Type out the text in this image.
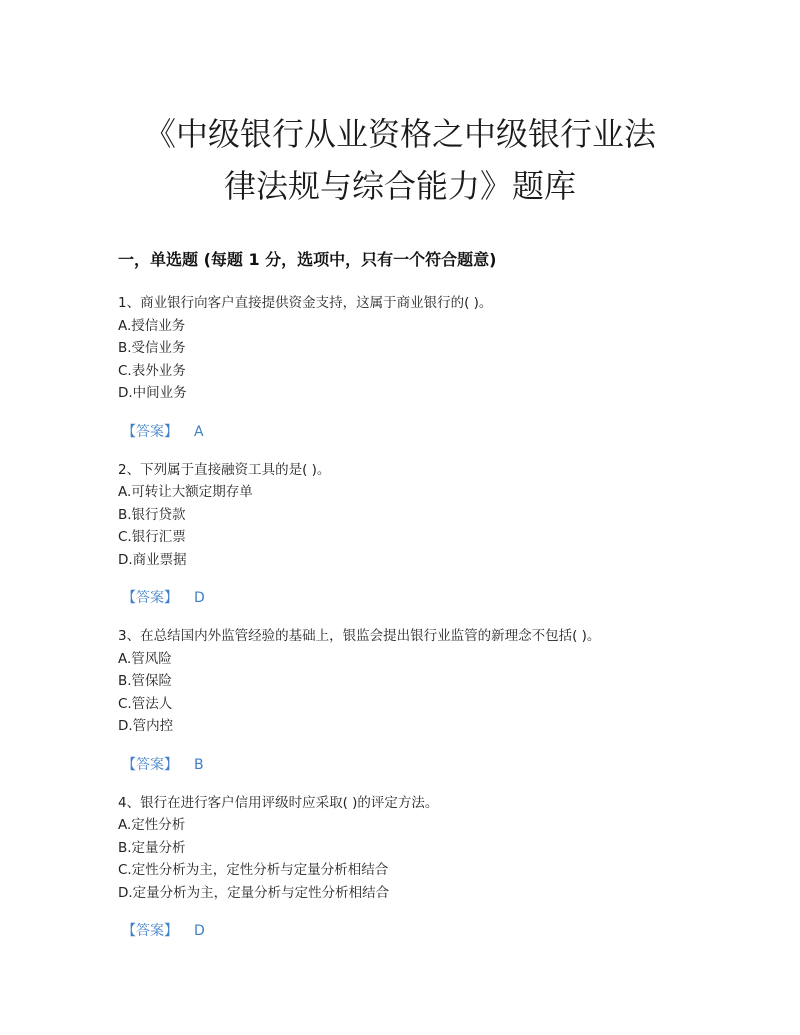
《中级银行从业资格之中级银行业法
律法规与综合能力》题库
一，单选题 (每题 1 分，选项中，只有一个符合题意)
1、商业银行向客户直接提供资金支持，这属于商业银行的( )。
A.授信业务
B.受信业务
C.表外业务
D.中间业务
【答案】 A
2、下列属于直接融资工具的是( )。
A.可转让大额定期存单
B.银行贷款
C.银行汇票
D.商业票据
【答案】 D
3、在总结国内外监管经验的基础上，银监会提出银行业监管的新理念不包括( )。
A.管风险
B.管保险
C.管法人
D.管内控
【答案】 B
4、银行在进行客户信用评级时应采取( )的评定方法。
A.定性分析
B.定量分析
C.定性分析为主，定性分析与定量分析相结合
D.定量分析为主，定量分析与定性分析相结合
【答案】 D
